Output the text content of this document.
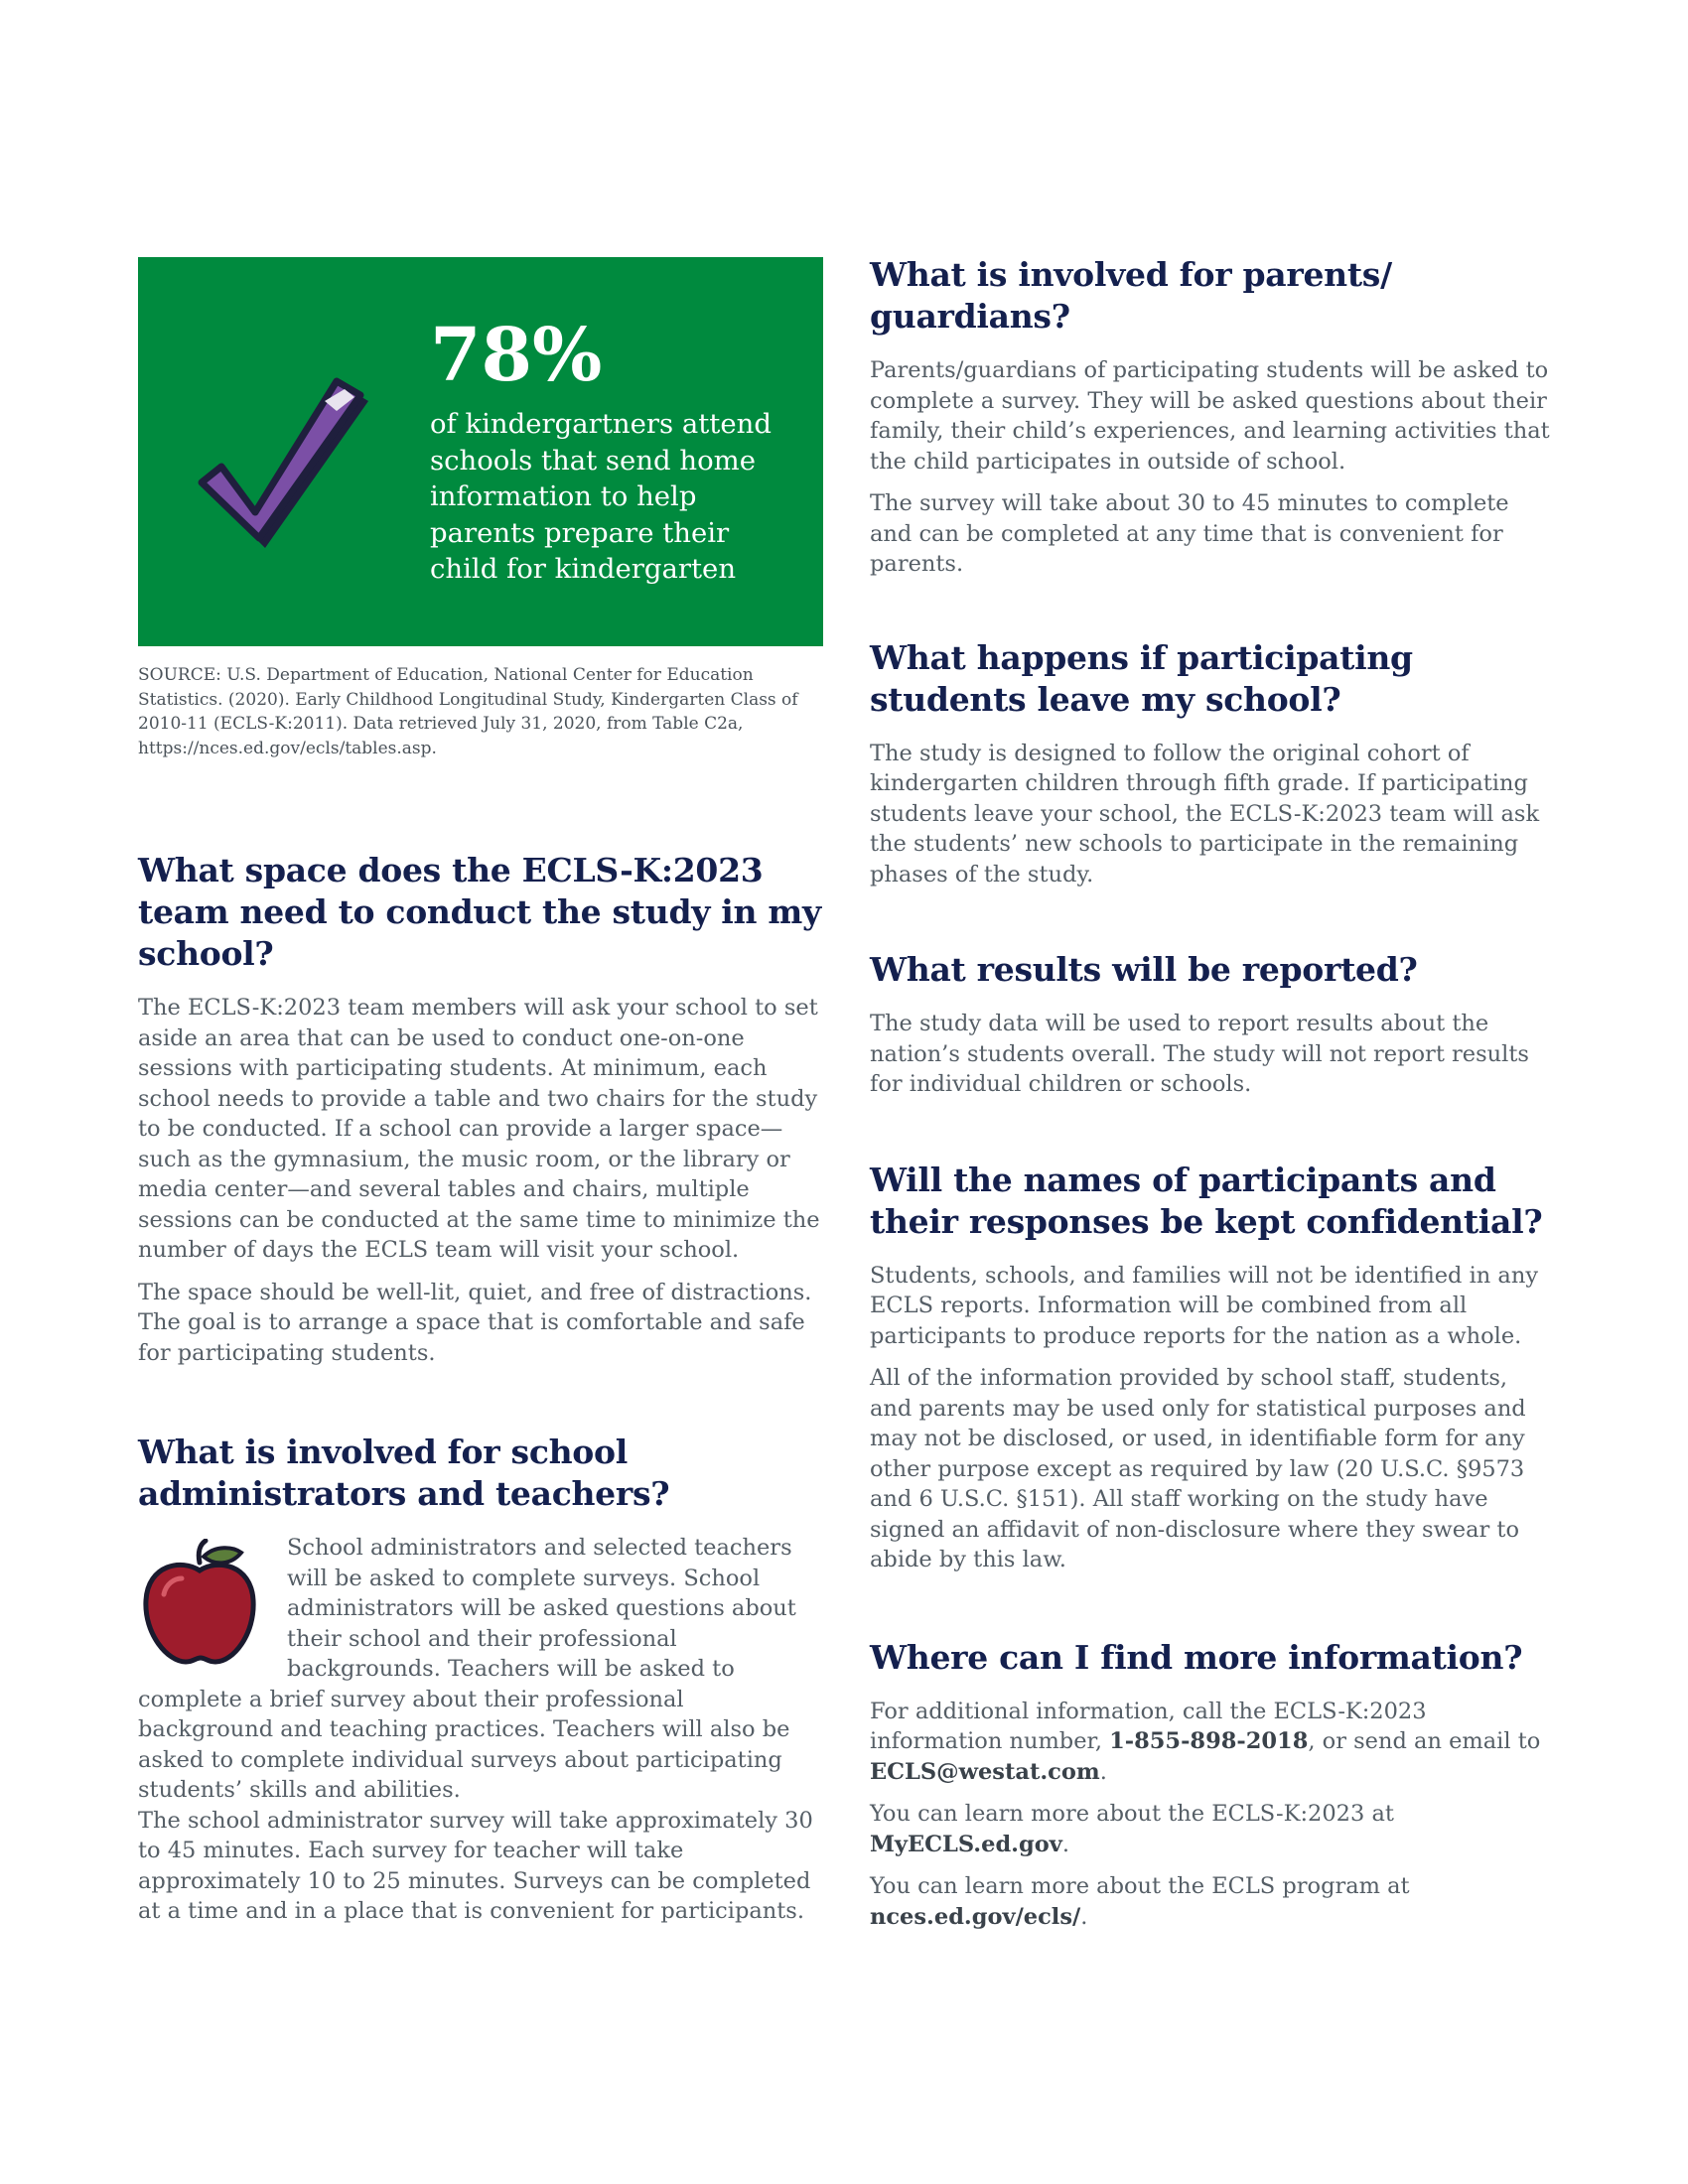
78%

of kindergartners attend schools that send home information to help parents prepare their child for kindergarten

SOURCE: U.S. Department of Education, National Center for Education Statistics. (2020). Early Childhood Longitudinal Study, Kindergarten Class of 2010-11 (ECLS-K:2011). Data retrieved July 31, 2020, from Table C2a, https://nces.ed.gov/ecls/tables.asp.

What space does the ECLS-K:2023 team need to conduct the study in my school?

The ECLS-K:2023 team members will ask your school to set aside an area that can be used to conduct one-on-one sessions with participating students. At minimum, each school needs to provide a table and two chairs for the study to be conducted. If a school can provide a larger space—such as the gymnasium, the music room, or the library or media center—and several tables and chairs, multiple sessions can be conducted at the same time to minimize the number of days the ECLS team will visit your school.

The space should be well-lit, quiet, and free of distractions. The goal is to arrange a space that is comfortable and safe for participating students.

What is involved for school administrators and teachers?

School administrators and selected teachers will be asked to complete surveys. School administrators will be asked questions about their school and their professional backgrounds. Teachers will be asked to complete a brief survey about their professional background and teaching practices. Teachers will also be asked to complete individual surveys about participating students’ skills and abilities.

The school administrator survey will take approximately 30 to 45 minutes. Each survey for teacher will take approximately 10 to 25 minutes. Surveys can be completed at a time and in a place that is convenient for participants.

What is involved for parents/ guardians?

Parents/guardians of participating students will be asked to complete a survey. They will be asked questions about their family, their child’s experiences, and learning activities that the child participates in outside of school.

The survey will take about 30 to 45 minutes to complete and can be completed at any time that is convenient for parents.

What happens if participating students leave my school?

The study is designed to follow the original cohort of kindergarten children through fifth grade. If participating students leave your school, the ECLS-K:2023 team will ask the students’ new schools to participate in the remaining phases of the study.

What results will be reported?

The study data will be used to report results about the nation’s students overall. The study will not report results for individual children or schools.

Will the names of participants and their responses be kept confidential?

Students, schools, and families will not be identified in any ECLS reports. Information will be combined from all participants to produce reports for the nation as a whole.

All of the information provided by school staff, students, and parents may be used only for statistical purposes and may not be disclosed, or used, in identifiable form for any other purpose except as required by law (20 U.S.C. §9573 and 6 U.S.C. §151). All staff working on the study have signed an affidavit of non-disclosure where they swear to abide by this law.

Where can I find more information?

For additional information, call the ECLS-K:2023 information number, 1-855-898-2018, or send an email to ECLS@westat.com.

You can learn more about the ECLS-K:2023 at MyECLS.ed.gov.

You can learn more about the ECLS program at nces.ed.gov/ecls/.
